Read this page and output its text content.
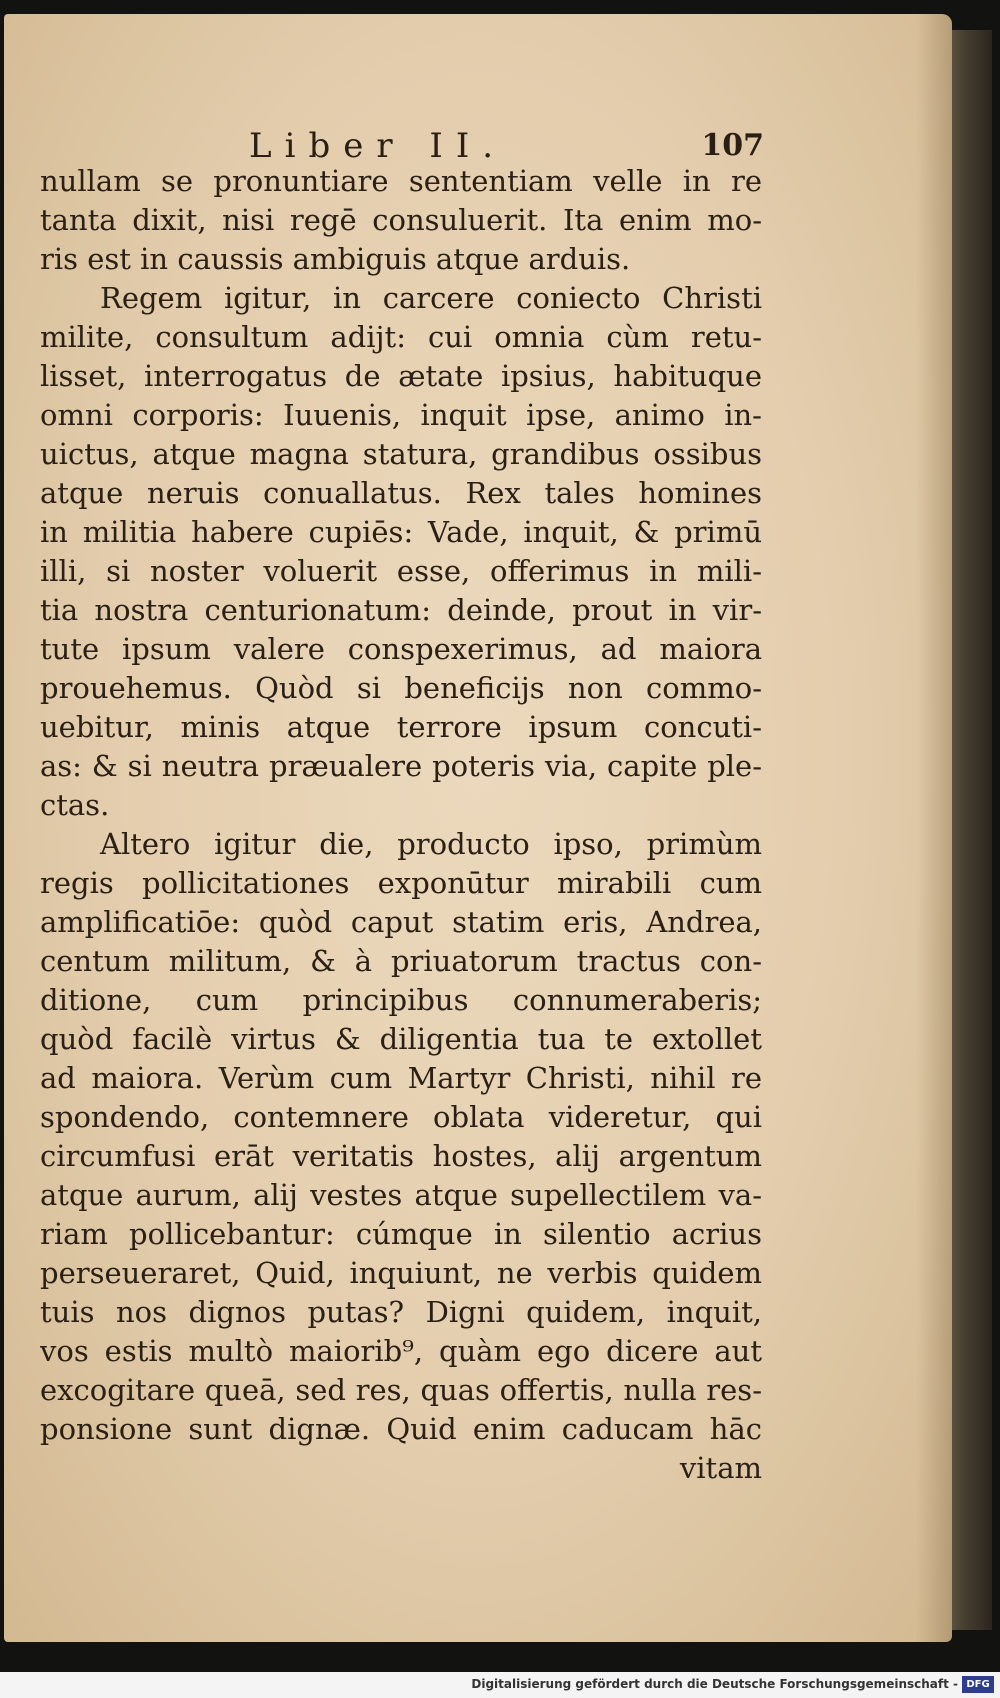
Liber II.	107
nullam se pronuntiare sententiam velle in re
tanta dixit, nisi regē consuluerit. Ita enim mo-
ris est in caussis ambiguis atque arduis.
Regem igitur, in carcere coniecto Christi
milite, consultum adijt: cui omnia cùm retu-
lisset, interrogatus de ætate ipsius, habituque
omni corporis: Iuuenis, inquit ipse, animo in-
uictus, atque magna statura, grandibus ossibus
atque neruis conuallatus. Rex tales homines
in militia habere cupiēs: Vade, inquit, & primū
illi, si noster voluerit esse, offerimus in mili-
tia nostra centurionatum: deinde, prout in vir-
tute ipsum valere conspexerimus, ad maiora
prouehemus. Quòd si beneficijs non commo-
uebitur, minis atque terrore ipsum concuti-
as: & si neutra præualere poteris via, capite ple-
ctas.
Altero igitur die, producto ipso, primùm
regis pollicitationes exponūtur mirabili cum
amplificatiōe: quòd caput statim eris, Andrea,
centum militum, & à priuatorum tractus con-
ditione, cum principibus connumeraberis;
quòd facilè virtus & diligentia tua te extollet
ad maiora. Verùm cum Martyr Christi, nihil re
spondendo, contemnere oblata videretur, qui
circumfusi erāt veritatis hostes, alij argentum
atque aurum, alij vestes atque supellectilem va-
riam pollicebantur: cúmque in silentio acrius
perseueraret, Quid, inquiunt, ne verbis quidem
tuis nos dignos putas? Digni quidem, inquit,
vos estis multò maiorib⁹, quàm ego dicere aut
excogitare queā, sed res, quas offertis, nulla res-
ponsione sunt dignæ. Quid enim caducam hāc
vitam
Digitalisierung gefördert durch die Deutsche Forschungsgemeinschaft - DFG
